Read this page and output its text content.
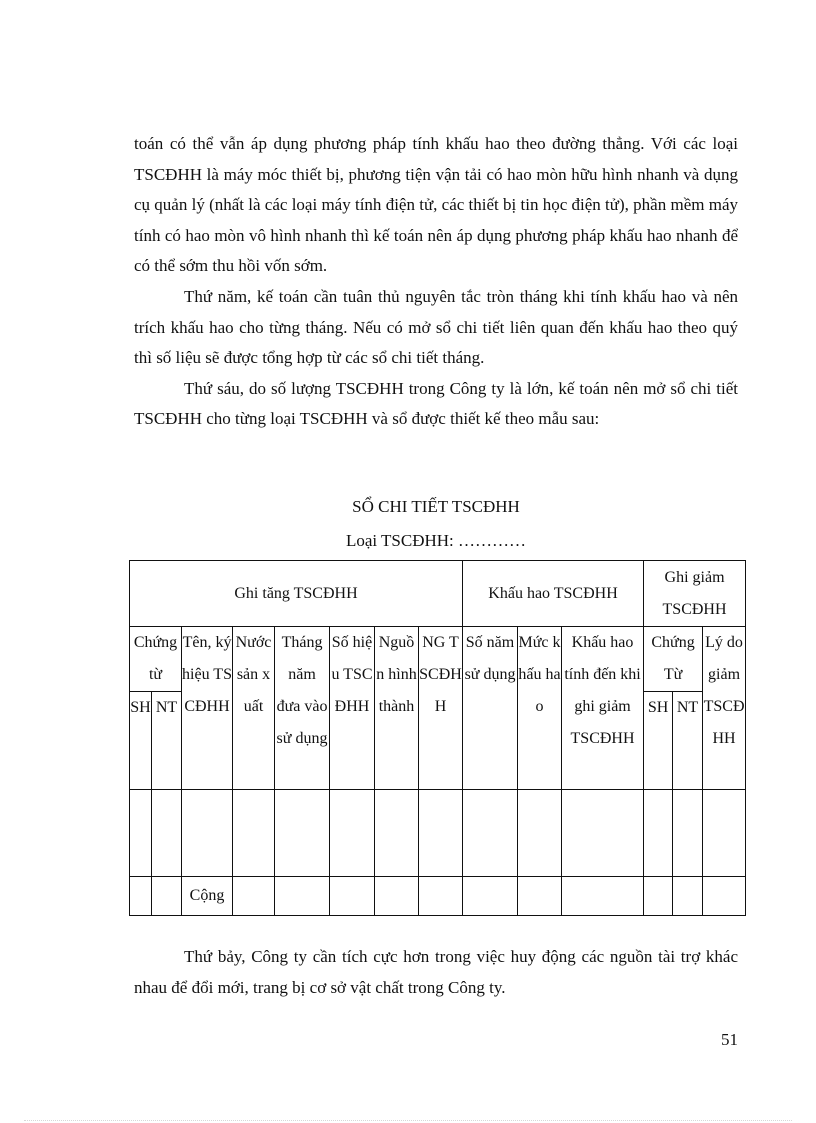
toán có thể vẫn áp dụng phương pháp tính khấu hao theo đường thẳng. Với các loại TSCĐHH là máy móc thiết bị, phương tiện vận tải có hao mòn hữu hình nhanh và dụng cụ quản lý (nhất là các loại máy tính điện tử, các thiết bị tin học điện tử), phần mềm máy tính có hao mòn vô hình nhanh thì kế toán nên áp dụng phương pháp khấu hao nhanh để có thể sớm thu hồi vốn sớm.

Thứ năm, kế toán cần tuân thủ nguyên tắc tròn tháng khi tính khấu hao và nên trích khấu hao cho từng tháng. Nếu có mở sổ chi tiết liên quan đến khấu hao theo quý thì số liệu sẽ được tổng hợp từ các sổ chi tiết tháng.

Thứ sáu, do số lượng TSCĐHH trong Công ty là lớn, kế toán nên mở sổ chi tiết TSCĐHH cho từng loại TSCĐHH và sổ được thiết kế theo mẫu sau:

SỔ CHI TIẾT TSCĐHH
Loại TSCĐHH: …………
Ghi tăng TSCĐHH								Khấu hao TSCĐHH			Ghi giảm TSCĐHH		

Chứng từ		Tên, ký hiệu TSCĐHH	Nước sản xuất	Tháng năm đưa vào sử dụng	Số hiệu TSCĐHH	Nguồn hình thành	NG TSCĐHH	Số năm sử dụng	Mức khấu hao	Khấu hao tính đến khi ghi giảm TSCĐHH	Chứng Từ		Lý do giảm TSCĐHH

SH	NT										SH	NT	

		Cộng											

Thứ bảy, Công ty cần tích cực hơn trong việc huy động các nguồn tài trợ khác nhau để đổi mới, trang bị cơ sở vật chất trong Công ty.

51
